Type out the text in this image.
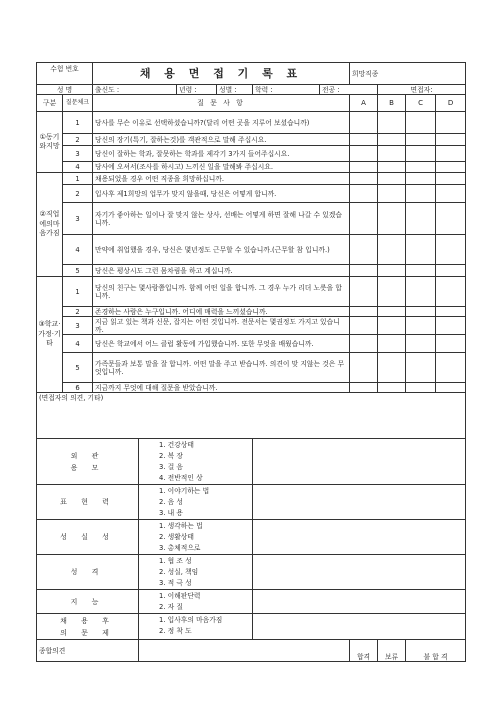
수험 번호		채 용 면 접 기 록 표						희망직종			
성 명		출신도 :		년령 :	성별 :	학력 :	전공 :		면접자:		
구분	질문체크	질 문 사 항						A	B	C	D
①동기와지망	1	당사를 무슨 이유로 선택하셨습니까?(달리 어떤 곳을 지루어 보셨습니까)									
	2	당신의 장기(특기, 잘하는것)를 객관적으로 말해 주십시요.									
	3	당신이 잘하는 학과, 잘못하는 학과를 제각기 3가지 들어주십시요.									
	4	당사에 오셔서(조사를 하시고) 느끼신 일을 말해봐 주십시요.									
②직업에의마음가짐	1	채용되었을 경우 어떤 직종을 희망하십니까.									
	2	입사후 제1희망의 업무가 맞지 않을때, 당신은 어떻게 합니까.									
	3	자기가 좋아하는 일이나 잘 맞지 않는 상사, 선배는 어떻게 하면 잘해 나갈 수 있겠습니까.									
	4	만약에 취업했을 경우, 당신은 몇년정도 근무할 수 있습니까.(근무할 참 입니까.)									
	5	당신은 평상시도 그런 몸차림을 하고 계십니까.									
③학교·가정·기타	1	당신의 친구는 몇사람쯤입니까. 함께 어떤 일을 합니까. 그 경우 누가 리더 노릇을 합니까.									
	2	존경하는 사람은 누구입니까. 어디에 매력을 느끼셨습니까.									
	3	지금 읽고 있는 책과 신문, 잡지는 어떤 것입니까. 전문서는 몇권정도 가지고 있습니까.									
	4	당신은 학교에서 어느 클럽 활동에 가입했습니까. 또한 무엇을 배웠습니까.									
	5	가족문들과 보통 말을 잘 합니까. 어떤 말을 주고 받습니까. 의견이 맞 지않는 것은 무엇입니까.									
	6	지금까지 무엇에 대해 질문을 받았습니까.									
(면접자의 의견, 기타)											
외 관
용 모			1. 건강상태
2. 복 장
3. 걸 음
4. 전반적인 상								

표 현 력			1. 이야기하는 법
2. 음 성
3. 내 용								

성 실 성			1. 생각하는 법
2. 생활상태
3. 총체적으로								

성 격			1. 협 조 성
2. 성실, 책임
3. 적 극 성								

지 능			1. 이해판단력
2. 자 질								

채 용 후
의 문 제			1. 입사후의 마음가짐
2. 정 착 도								

종합의견								합격	보류	불 합 격	
